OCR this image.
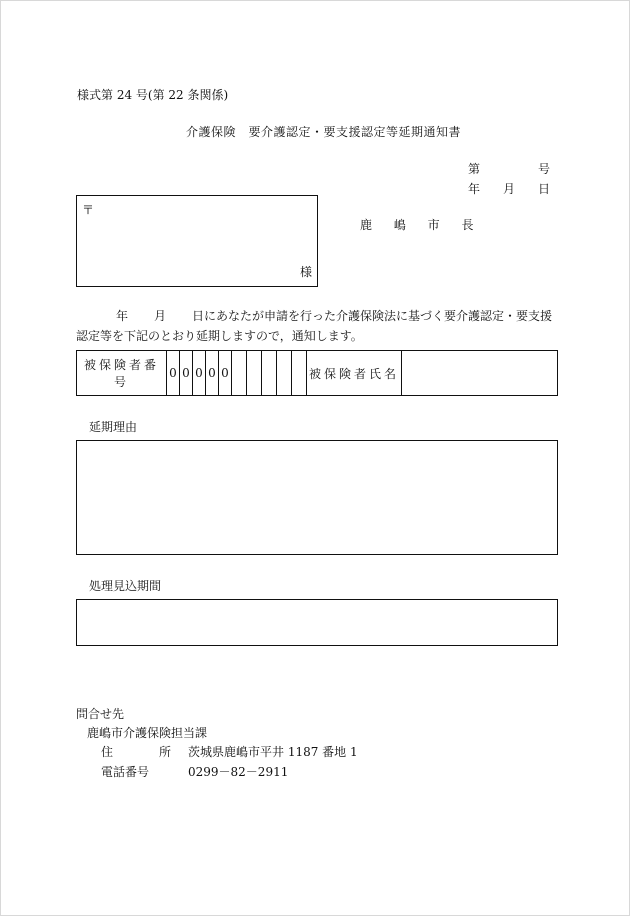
様式第 24 号(第 22 条関係)
介護保険　要介護認定・要支援認定等延期通知書
第	号
年 月 日
〒
様
鹿 嶋 市 長
年 月 日にあなたが申請を行った介護保険法に基づく要介護認定・要支援認定等を下記のとおり延期しますので，通知します。
被保険者番号	0	0	0	0	0						被保険者氏名	
延期理由
処理見込期間
問合せ先
鹿嶋市介護保険担当課
住	所 茨城県鹿嶋市平井 1187 番地 1
電話番号	0299－82－2911
